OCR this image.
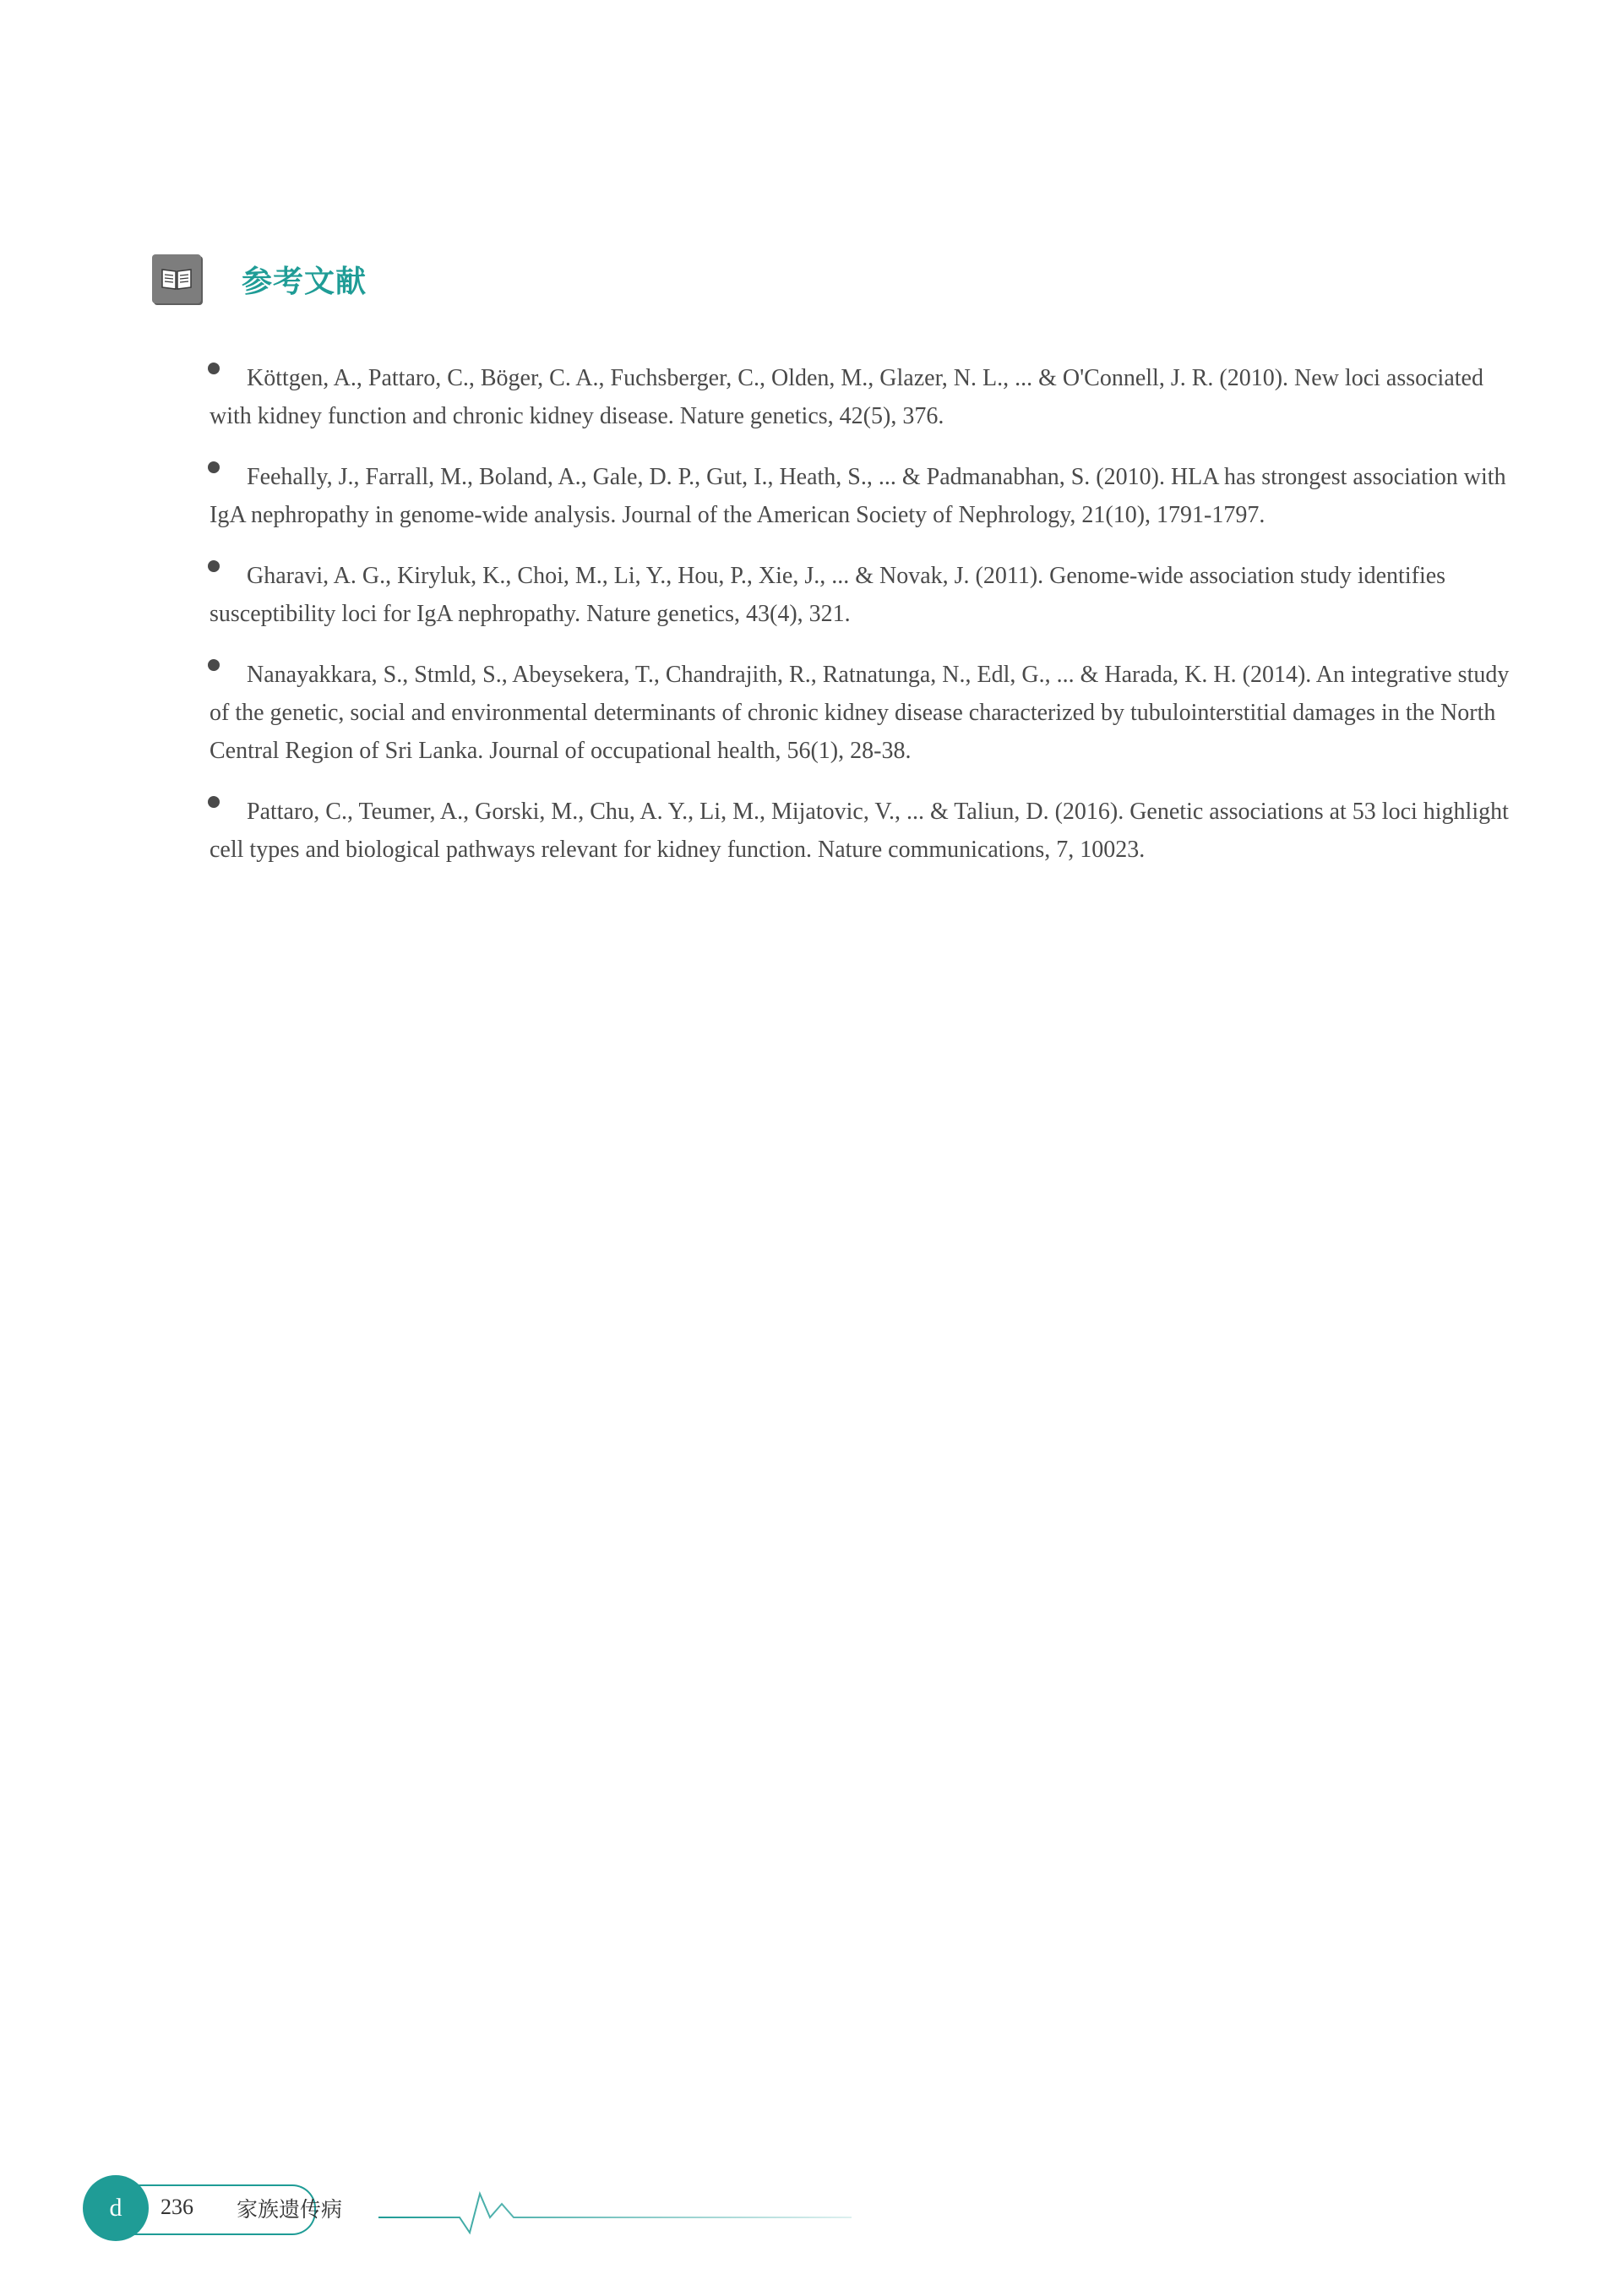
参考文献
Köttgen, A., Pattaro, C., Böger, C. A., Fuchsberger, C., Olden, M., Glazer, N. L., ... & O'Connell, J. R. (2010). New loci associated with kidney function and chronic kidney disease. Nature genetics, 42(5), 376.
Feehally, J., Farrall, M., Boland, A., Gale, D. P., Gut, I., Heath, S., ... & Padmanabhan, S. (2010). HLA has strongest association with IgA nephropathy in genome-wide analysis. Journal of the American Society of Nephrology, 21(10), 1791-1797.
Gharavi, A. G., Kiryluk, K., Choi, M., Li, Y., Hou, P., Xie, J., ... & Novak, J. (2011). Genome-wide association study identifies susceptibility loci for IgA nephropathy. Nature genetics, 43(4), 321.
Nanayakkara, S., Stmld, S., Abeysekera, T., Chandrajith, R., Ratnatunga, N., Edl, G., ... & Harada, K. H. (2014). An integrative study of the genetic, social and environmental determinants of chronic kidney disease characterized by tubulointerstitial damages in the North Central Region of Sri Lanka. Journal of occupational health, 56(1), 28-38.
Pattaro, C., Teumer, A., Gorski, M., Chu, A. Y., Li, M., Mijatovic, V., ... & Taliun, D. (2016). Genetic associations at 53 loci highlight cell types and biological pathways relevant for kidney function. Nature communications, 7, 10023.
d	236 家族遗传病
